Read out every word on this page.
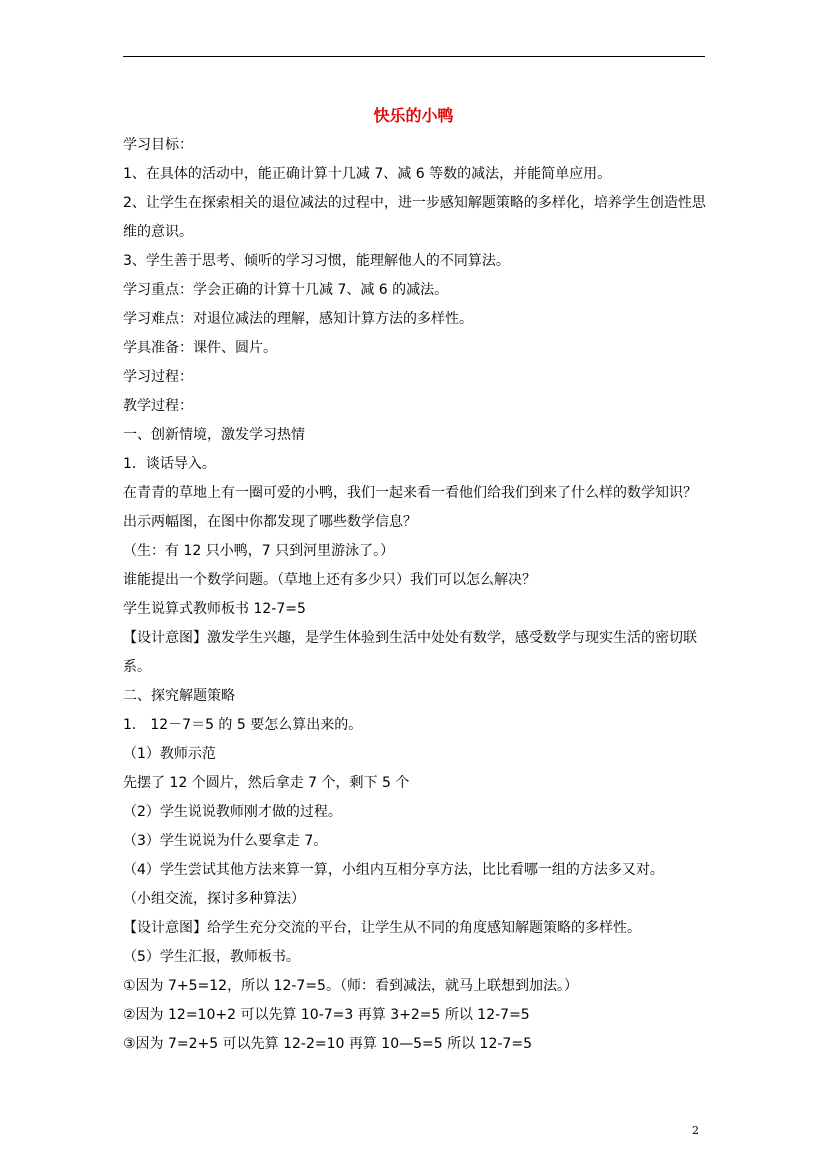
快乐的小鸭

学习目标：

1、在具体的活动中，能正确计算十几减 7、减 6 等数的减法，并能简单应用。

2、让学生在探索相关的退位减法的过程中，进一步感知解题策略的多样化，培养学生创造性思维的意识。

3、学生善于思考、倾听的学习习惯，能理解他人的不同算法。

学习重点：学会正确的计算十几减 7、减 6 的减法。

学习难点：对退位减法的理解，感知计算方法的多样性。

学具准备：课件、圆片。

学习过程：

教学过程：

一、创新情境，激发学习热情

1．谈话导入。

在青青的草地上有一圈可爱的小鸭，我们一起来看一看他们给我们到来了什么样的数学知识？

出示两幅图，在图中你都发现了哪些数学信息？

（生：有 12 只小鸭，7 只到河里游泳了。）

谁能提出一个数学问题。（草地上还有多少只）我们可以怎么解决？

学生说算式教师板书 12-7=5

【设计意图】激发学生兴趣，是学生体验到生活中处处有数学，感受数学与现实生活的密切联系。

二、探究解题策略

1． 12－7＝5 的 5 要怎么算出来的。

（1）教师示范

先摆了 12 个圆片，然后拿走 7 个，剩下 5 个

（2）学生说说教师刚才做的过程。

（3）学生说说为什么要拿走 7。

（4）学生尝试其他方法来算一算，小组内互相分享方法，比比看哪一组的方法多又对。

（小组交流，探讨多种算法）

【设计意图】给学生充分交流的平台，让学生从不同的角度感知解题策略的多样性。

（5）学生汇报，教师板书。

①因为 7+5=12，所以 12-7=5。（师：看到减法，就马上联想到加法。）

②因为 12=10+2 可以先算 10-7=3 再算 3+2=5 所以 12-7=5

③因为 7=2+5 可以先算 12-2=10 再算 10—5=5 所以 12-7=5

2
